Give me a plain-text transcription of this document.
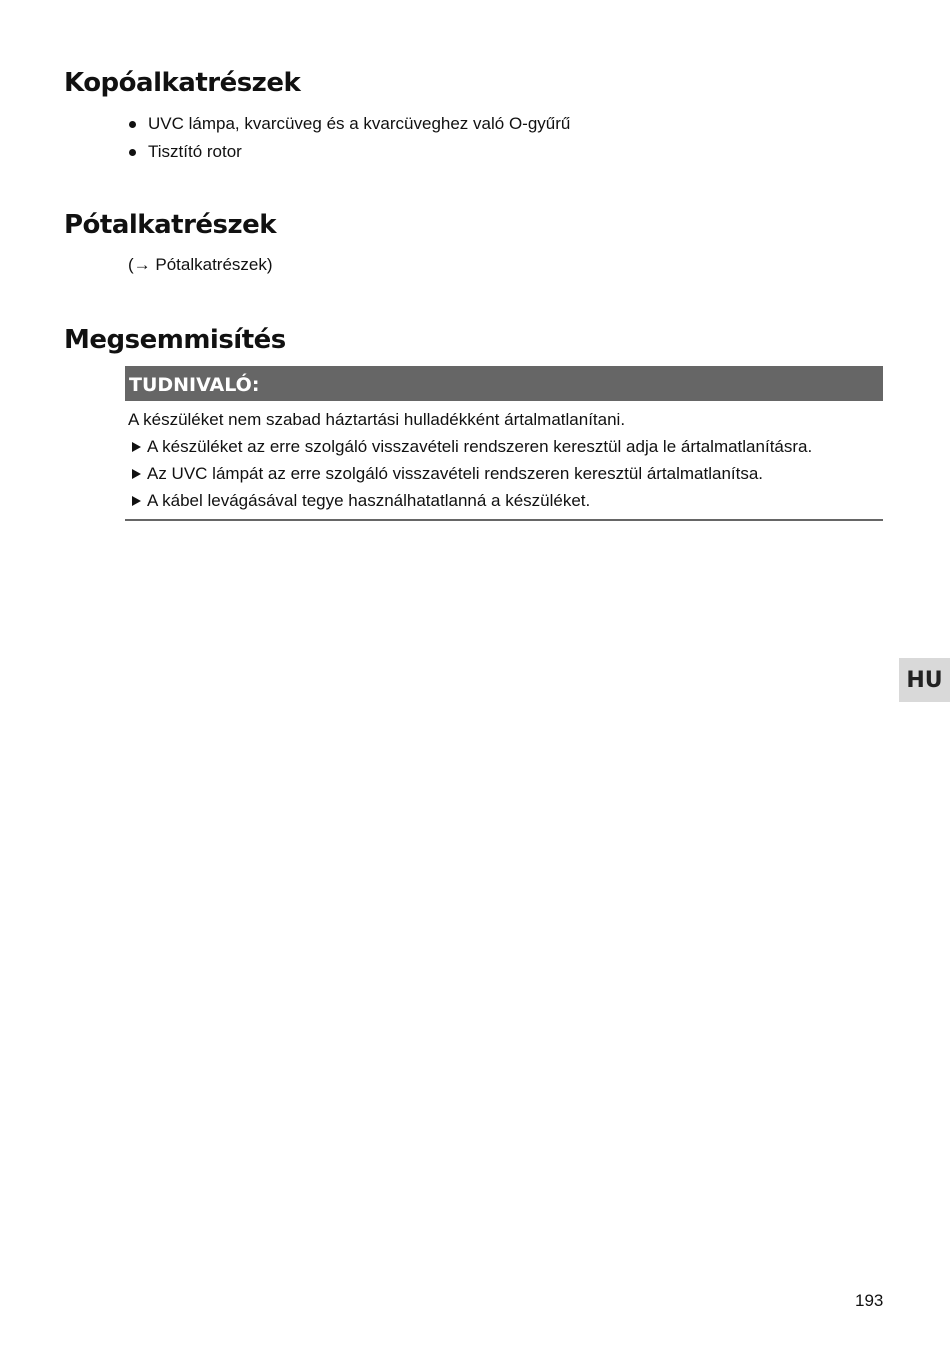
Kopóalkatrészek
UVC lámpa, kvarcüveg és a kvarcüveghez való O-gyűrű
Tisztító rotor
Pótalkatrészek
(→ Pótalkatrészek)
Megsemmisítés
TUDNIVALÓ:

A készüléket nem szabad háztartási hulladékként ártalmatlanítani.

A készüléket az erre szolgáló visszavételi rendszeren keresztül adja le ártalmatlanításra.

Az UVC lámpát az erre szolgáló visszavételi rendszeren keresztül ártalmatlanítsa.

A kábel levágásával tegye használhatatlanná a készüléket.

HU
193
